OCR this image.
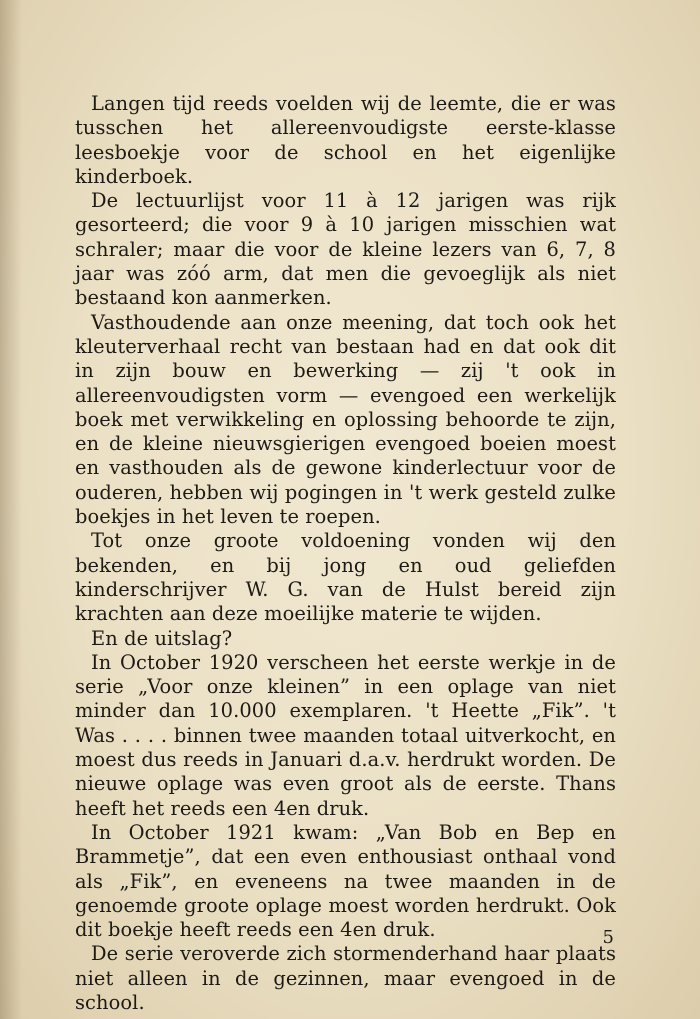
Langen tijd reeds voelden wij de leemte, die er was tusschen het allereenvoudigste eerste-klasse leesboekje voor de school en het eigenlijke kinderboek.

De lectuurlijst voor 11 à 12 jarigen was rijk gesorteerd; die voor 9 à 10 jarigen misschien wat schraler; maar die voor de kleine lezers van 6, 7, 8 jaar was zóó arm, dat men die gevoeglijk als niet bestaand kon aanmerken.

Vasthoudende aan onze meening, dat toch ook het kleuterverhaal recht van bestaan had en dat ook dit in zijn bouw en bewerking — zij 't ook in allereenvoudigsten vorm — evengoed een werkelijk boek met verwikkeling en oplossing behoorde te zijn, en de kleine nieuwsgierigen evengoed boeien moest en vasthouden als de gewone kinderlectuur voor de ouderen, hebben wij pogingen in 't werk gesteld zulke boekjes in het leven te roepen.

Tot onze groote voldoening vonden wij den bekenden, en bij jong en oud geliefden kinderschrijver W. G. van de Hulst bereid zijn krachten aan deze moeilijke materie te wijden.

En de uitslag?

In October 1920 verscheen het eerste werkje in de serie „Voor onze kleinen” in een oplage van niet minder dan 10.000 exemplaren. 't Heette „Fik”. 't Was . . . . binnen twee maanden totaal uitverkocht, en moest dus reeds in Januari d.a.v. herdrukt worden. De nieuwe oplage was even groot als de eerste. Thans heeft het reeds een 4en druk.

In October 1921 kwam: „Van Bob en Bep en Brammetje”, dat een even enthousiast onthaal vond als „Fik”, en eveneens na twee maanden in de genoemde groote oplage moest worden herdrukt. Ook dit boekje heeft reeds een 4en druk.

De serie veroverde zich stormenderhand haar plaats niet alleen in de gezinnen, maar evengoed in de school.

5
